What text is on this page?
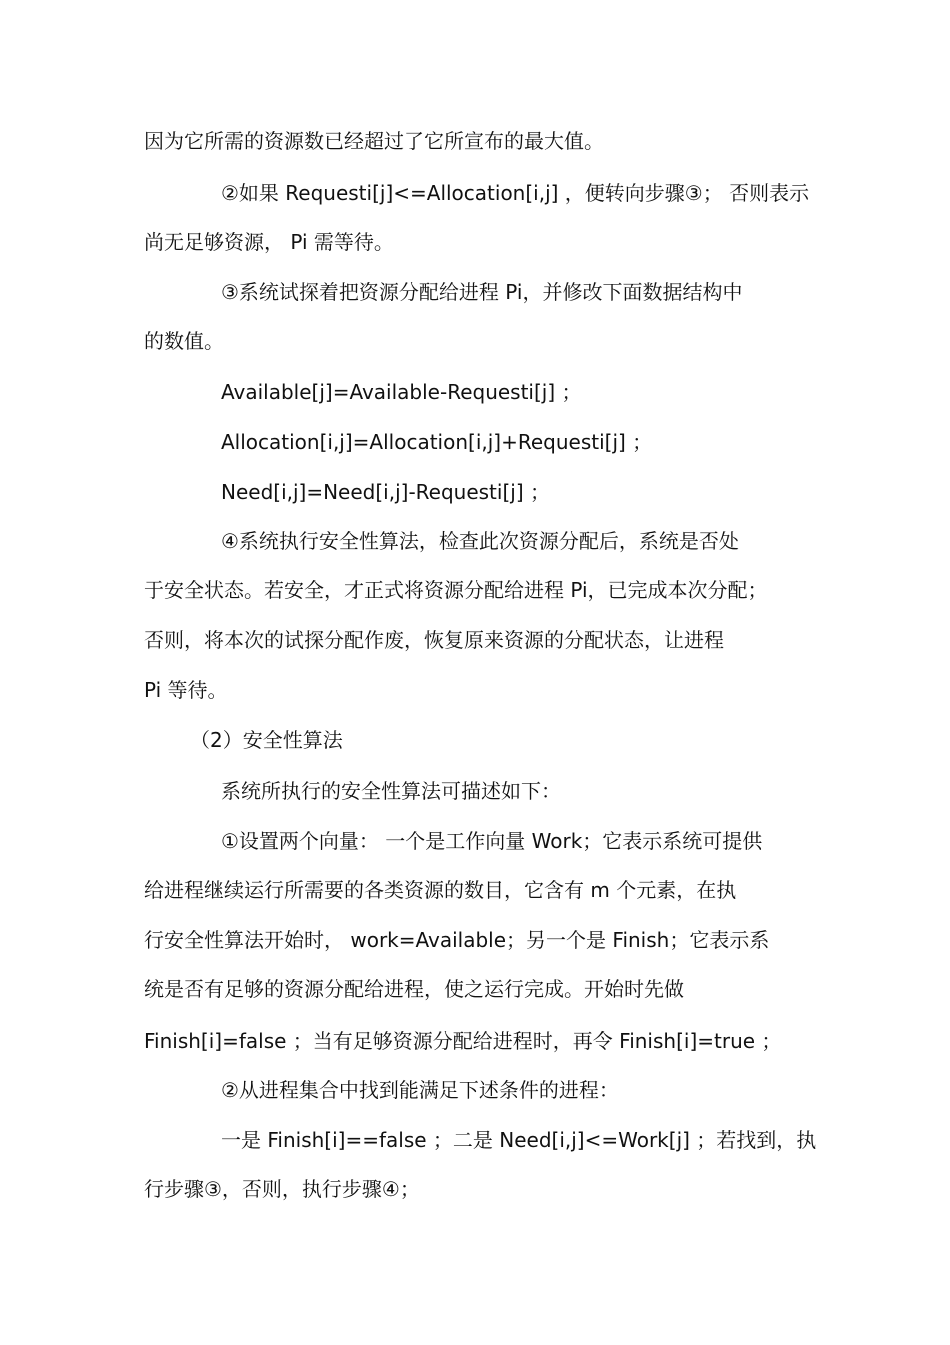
因为它所需的资源数已经超过了它所宣布的最大值。

②如果 Requesti[j]<=Allocation[i,j] ，便转向步骤③； 否则表示

尚无足够资源， Pi 需等待。

③系统试探着把资源分配给进程 Pi，并修改下面数据结构中

的数值。

Available[j]=Available-Requesti[j] ；

Allocation[i,j]=Allocation[i,j]+Requesti[j] ；

Need[i,j]=Need[i,j]-Requesti[j] ；

④系统执行安全性算法，检查此次资源分配后，系统是否处

于安全状态。若安全，才正式将资源分配给进程 Pi，已完成本次分配；

否则，将本次的试探分配作废，恢复原来资源的分配状态，让进程

Pi 等待。

（2）安全性算法

系统所执行的安全性算法可描述如下：

①设置两个向量： 一个是工作向量 Work；它表示系统可提供

给进程继续运行所需要的各类资源的数目，它含有 m 个元素，在执

行安全性算法开始时， work=Available；另一个是 Finish；它表示系

统是否有足够的资源分配给进程，使之运行完成。开始时先做

Finish[i]=false ；当有足够资源分配给进程时，再令 Finish[i]=true ；

②从进程集合中找到能满足下述条件的进程：

一是 Finish[i]==false ；二是 Need[i,j]<=Work[j] ；若找到，执

行步骤③，否则，执行步骤④；
